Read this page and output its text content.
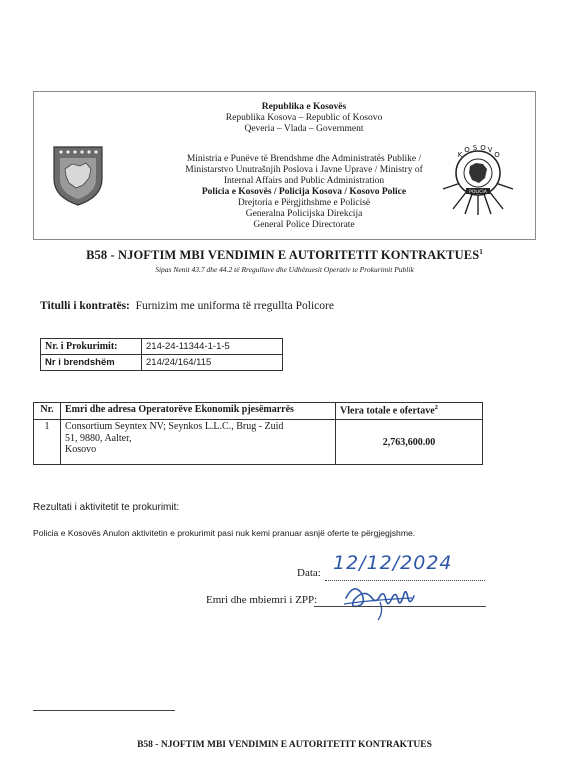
Republika e Kosovës
Republika Kosova – Republic of Kosovo
Qeveria – Vlada – Government
Ministria e Punëve të Brendshme dhe Administratës Publike /
Ministarstvo Unutrašnjih Poslova i Javne Uprave / Ministry of
Internal Affairs and Public Administration
Policia e Kosovës / Policija Kosova / Kosovo Police
Drejtoria e Përgjithshme e Policisë
Generalna Policijska Direkcija
General Police Directorate
K
O S O V
O
POLICIA
B58 - NJOFTIM MBI VENDIMIN E AUTORITETIT KONTRAKTUES$^1$
Sipas Nenit 43.7 dhe 44.2 të Rregullave dhe Udhëzuesit Operativ te Prokurimit Publik
Titulli i kontratës: Furnizim me uniforma të rregullta Policore
Nr. i Prokurimit:	214-24-11344-1-1-5
Nr i brendshëm	214/24/164/115
Nr.	Emri dhe adresa Operatorëve Ekonomik pjesëmarrës	Vlera totale e ofertave$^2$
1	Consortium Seyntex NV; Seynkos L.L.C., Brug - Zuid
51, 9880, Aalter,
Kosovo	2,763,600.00
Rezultati i aktivitetit te prokurimit:
Policia e Kosovës Anulon aktivitetin e prokurimit pasi nuk kemi pranuar asnjë oferte te përgjegjshme.
Data: 12/12/2024
Emri dhe mbiemri i ZPP:
B58 - NJOFTIM MBI VENDIMIN E AUTORITETIT KONTRAKTUES
